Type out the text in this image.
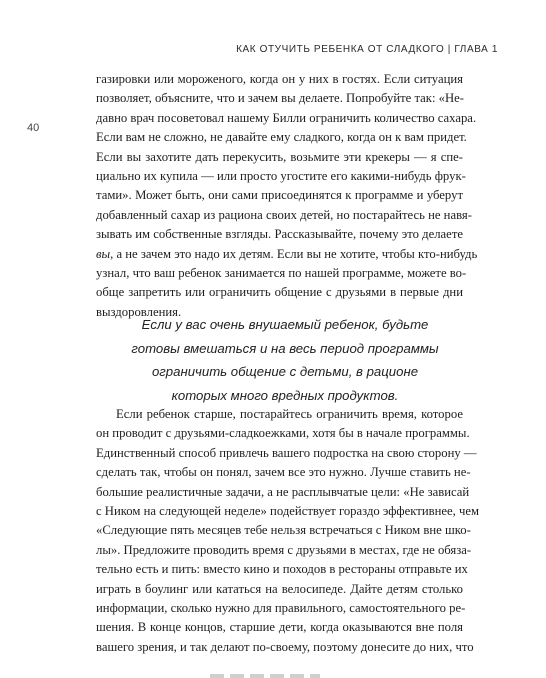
КАК ОТУЧИТЬ РЕБЕНКА ОТ СЛАДКОГО | ГЛАВА 1
40
газировки или мороженого, когда он у них в гостях. Если ситуация
позволяет, объясните, что и зачем вы делаете. Попробуйте так: «Не-
давно врач посоветовал нашему Билли ограничить количество сахара.
Если вам не сложно, не давайте ему сладкого, когда он к вам придет.
Если вы захотите дать перекусить, возьмите эти крекеры — я спе-
циально их купила — или просто угостите его какими-нибудь фрук-
тами». Может быть, они сами присоединятся к программе и уберут
добавленный сахар из рациона своих детей, но постарайтесь не навя-
зывать им собственные взгляды. Рассказывайте, почему это делаете
вы, а не зачем это надо их детям. Если вы не хотите, чтобы кто-нибудь
узнал, что ваш ребенок занимается по нашей программе, можете во-
обще запретить или ограничить общение с друзьями в первые дни
выздоровления.
Если у вас очень внушаемый ребенок, будьте
готовы вмешаться и на весь период программы
ограничить общение с детьми, в рационе
которых много вредных продуктов.
Если ребенок старше, постарайтесь ограничить время, которое
он проводит с друзьями-сладкоежками, хотя бы в начале программы.
Единственный способ привлечь вашего подростка на свою сторону —
сделать так, чтобы он понял, зачем все это нужно. Лучше ставить не-
большие реалистичные задачи, а не расплывчатые цели: «Не зависай
с Ником на следующей неделе» подействует гораздо эффективнее, чем
«Следующие пять месяцев тебе нельзя встречаться с Ником вне шко-
лы». Предложите проводить время с друзьями в местах, где не обяза-
тельно есть и пить: вместо кино и походов в рестораны отправьте их
играть в боулинг или кататься на велосипеде. Дайте детям столько
информации, сколько нужно для правильного, самостоятельного ре-
шения. В конце концов, старшие дети, когда оказываются вне поля
вашего зрения, и так делают по-своему, поэтому донесите до них, что
